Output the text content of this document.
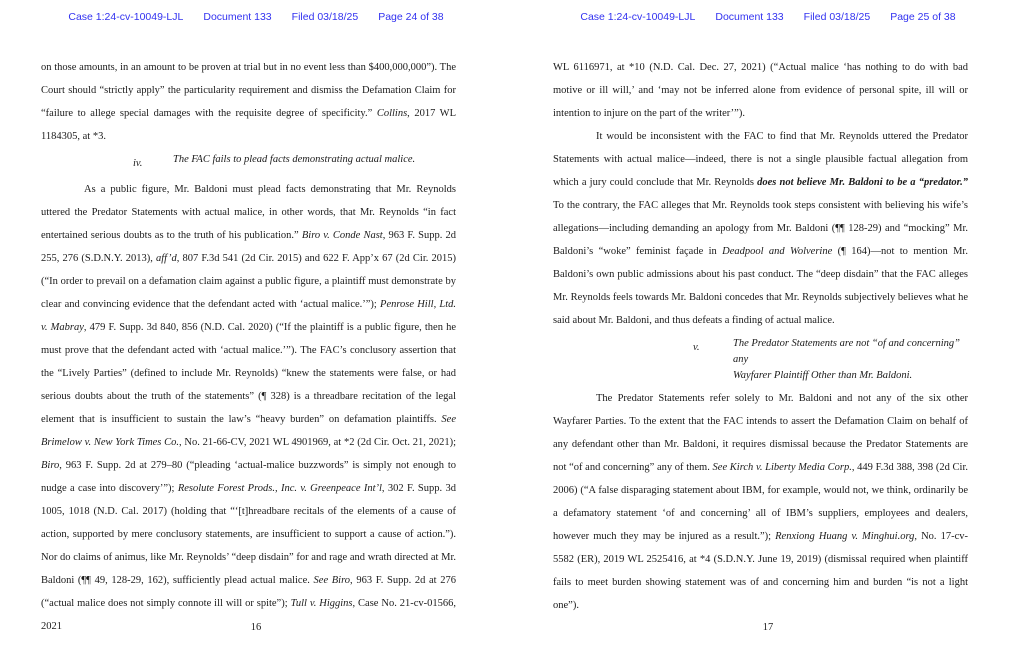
Case 1:24-cv-10049-LJL Document 133 Filed 03/18/25 Page 24 of 38

on those amounts, in an amount to be proven at trial but in no event less than $400,000,000”). The Court should “strictly apply” the particularity requirement and dismiss the Defamation Claim for “failure to allege special damages with the requisite degree of specificity.” Collins, 2017 WL 1184305, at *3.

iv.	The FAC fails to plead facts demonstrating actual malice.

As a public figure, Mr. Baldoni must plead facts demonstrating that Mr. Reynolds uttered the Predator Statements with actual malice, in other words, that Mr. Reynolds “in fact entertained serious doubts as to the truth of his publication.” Biro v. Conde Nast, 963 F. Supp. 2d 255, 276 (S.D.N.Y. 2013), aff’d, 807 F.3d 541 (2d Cir. 2015) and 622 F. App’x 67 (2d Cir. 2015) (“In order to prevail on a defamation claim against a public figure, a plaintiff must demonstrate by clear and convincing evidence that the defendant acted with ‘actual malice.’”); Penrose Hill, Ltd. v. Mabray, 479 F. Supp. 3d 840, 856 (N.D. Cal. 2020) (“If the plaintiff is a public figure, then he must prove that the defendant acted with ‘actual malice.’”). The FAC’s conclusory assertion that the “Lively Parties” (defined to include Mr. Reynolds) “knew the statements were false, or had serious doubts about the truth of the statements” (¶ 328) is a threadbare recitation of the legal element that is insufficient to sustain the law’s “heavy burden” on defamation plaintiffs. See Brimelow v. New York Times Co., No. 21-66-CV, 2021 WL 4901969, at *2 (2d Cir. Oct. 21, 2021); Biro, 963 F. Supp. 2d at 279–80 (“pleading ‘actual-malice buzzwords” is simply not enough to nudge a case into discovery’”); Resolute Forest Prods., Inc. v. Greenpeace Int’l, 302 F. Supp. 3d 1005, 1018 (N.D. Cal. 2017) (holding that “‘[t]hreadbare recitals of the elements of a cause of action, supported by mere conclusory statements, are insufficient to support a cause of action.”). Nor do claims of animus, like Mr. Reynolds’ “deep disdain” for and rage and wrath directed at Mr. Baldoni (¶¶ 49, 128-29, 162), sufficiently plead actual malice. See Biro, 963 F. Supp. 2d at 276 (“actual malice does not simply connote ill will or spite”); Tull v. Higgins, Case No. 21-cv-01566, 2021	16
Case 1:24-cv-10049-LJL Document 133 Filed 03/18/25 Page 25 of 38

WL 6116971, at *10 (N.D. Cal. Dec. 27, 2021) (“Actual malice ‘has nothing to do with bad motive or ill will,’ and ‘may not be inferred alone from evidence of personal spite, ill will or intention to injure on the part of the writer’”).

It would be inconsistent with the FAC to find that Mr. Reynolds uttered the Predator Statements with actual malice—indeed, there is not a single plausible factual allegation from which a jury could conclude that Mr. Reynolds does not believe Mr. Baldoni to be a “predator.” To the contrary, the FAC alleges that Mr. Reynolds took steps consistent with believing his wife’s allegations—including demanding an apology from Mr. Baldoni (¶¶ 128-29) and “mocking” Mr. Baldoni’s “woke” feminist façade in Deadpool and Wolverine (¶ 164)—not to mention Mr. Baldoni’s own public admissions about his past conduct. The “deep disdain” that the FAC alleges Mr. Reynolds feels towards Mr. Baldoni concedes that Mr. Reynolds subjectively believes what he said about Mr. Baldoni, and thus defeats a finding of actual malice.

v.	The Predator Statements are not “of and concerning” any
Wayfarer Plaintiff Other than Mr. Baldoni.

The Predator Statements refer solely to Mr. Baldoni and not any of the six other Wayfarer Parties. To the extent that the FAC intends to assert the Defamation Claim on behalf of any defendant other than Mr. Baldoni, it requires dismissal because the Predator Statements are not “of and concerning” any of them. See Kirch v. Liberty Media Corp., 449 F.3d 388, 398 (2d Cir. 2006) (“A false disparaging statement about IBM, for example, would not, we think, ordinarily be a defamatory statement ‘of and concerning’ all of IBM’s suppliers, employees and dealers, however much they may be injured as a result.”); Renxiong Huang v. Minghui.org, No. 17-cv-5582 (ER), 2019 WL 2525416, at *4 (S.D.N.Y. June 19, 2019) (dismissal required when plaintiff fails to meet burden showing statement was of and concerning him and burden “is not a light one”).

17
